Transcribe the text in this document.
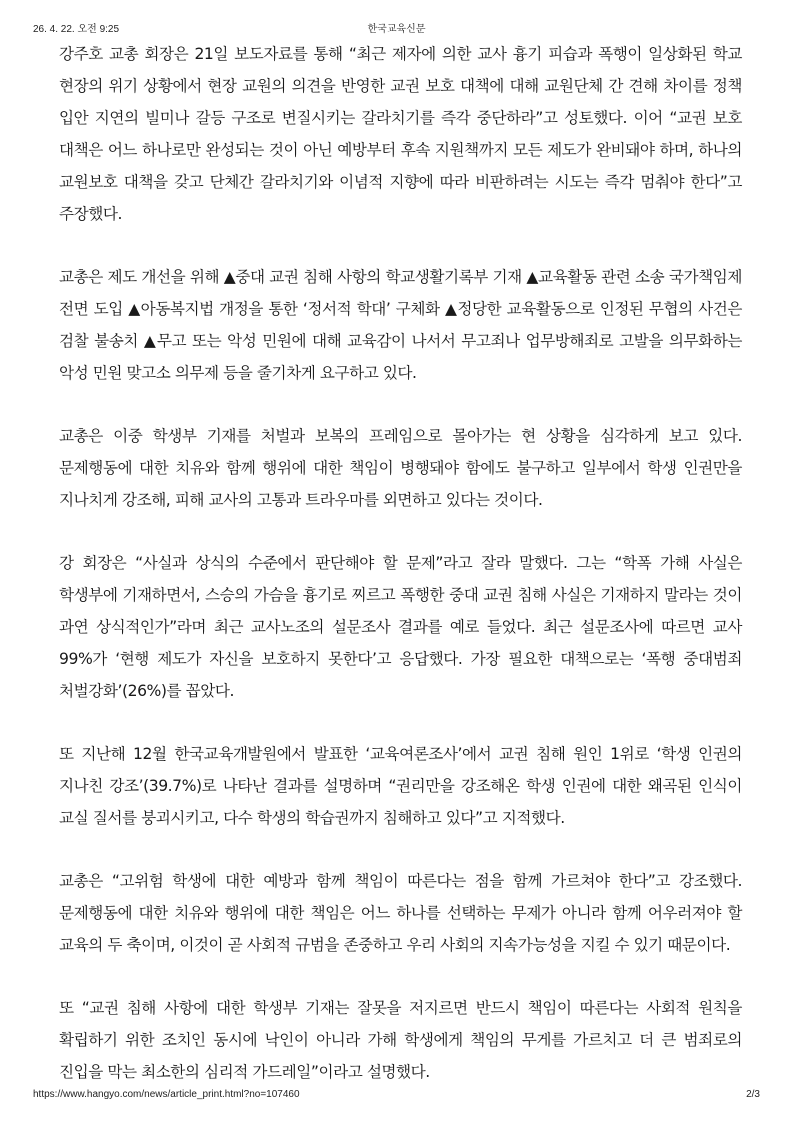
26. 4. 22. 오전 9:25	한국교육신문

강주호 교총 회장은 21일 보도자료를 통해 “최근 제자에 의한 교사 흉기 피습과 폭행이 일상화된 학교 현장의 위기 상황에서 현장 교원의 의견을 반영한 교권 보호 대책에 대해 교원단체 간 견해 차이를 정책 입안 지연의 빌미나 갈등 구조로 변질시키는 갈라치기를 즉각 중단하라”고 성토했다. 이어 “교권 보호 대책은 어느 하나로만 완성되는 것이 아닌 예방부터 후속 지원책까지 모든 제도가 완비돼야 하며, 하나의 교원보호 대책을 갖고 단체간 갈라치기와 이념적 지향에 따라 비판하려는 시도는 즉각 멈춰야 한다”고 주장했다.

교총은 제도 개선을 위해 ▲중대 교권 침해 사항의 학교생활기록부 기재 ▲교육활동 관련 소송 국가책임제 전면 도입 ▲아동복지법 개정을 통한 ‘정서적 학대’ 구체화 ▲정당한 교육활동으로 인정된 무협의 사건은 검찰 불송치 ▲무고 또는 악성 민원에 대해 교육감이 나서서 무고죄나 업무방해죄로 고발을 의무화하는 악성 민원 맞고소 의무제 등을 줄기차게 요구하고 있다.

교총은 이중 학생부 기재를 처벌과 보복의 프레임으로 몰아가는 현 상황을 심각하게 보고 있다. 문제행동에 대한 치유와 함께 행위에 대한 책임이 병행돼야 함에도 불구하고 일부에서 학생 인권만을 지나치게 강조해, 피해 교사의 고통과 트라우마를 외면하고 있다는 것이다.

강 회장은 “사실과 상식의 수준에서 판단해야 할 문제”라고 잘라 말했다. 그는 “학폭 가해 사실은 학생부에 기재하면서, 스승의 가슴을 흉기로 찌르고 폭행한 중대 교권 침해 사실은 기재하지 말라는 것이 과연 상식적인가”라며 최근 교사노조의 설문조사 결과를 예로 들었다. 최근 설문조사에 따르면 교사 99%가 ‘현행 제도가 자신을 보호하지 못한다’고 응답했다. 가장 필요한 대책으로는 ‘폭행 중대범죄 처벌강화’(26%)를 꼽았다.

또 지난해 12월 한국교육개발원에서 발표한 ‘교육여론조사’에서 교권 침해 원인 1위로 ‘학생 인권의 지나친 강조’(39.7%)로 나타난 결과를 설명하며 “권리만을 강조해온 학생 인권에 대한 왜곡된 인식이 교실 질서를 붕괴시키고, 다수 학생의 학습권까지 침해하고 있다”고 지적했다.

교총은 “고위험 학생에 대한 예방과 함께 책임이 따른다는 점을 함께 가르쳐야 한다”고 강조했다. 문제행동에 대한 치유와 행위에 대한 책임은 어느 하나를 선택하는 무제가 아니라 함께 어우러져야 할 교육의 두 축이며, 이것이 곧 사회적 규범을 존중하고 우리 사회의 지속가능성을 지킬 수 있기 때문이다.

또 “교권 침해 사항에 대한 학생부 기재는 잘못을 저지르면 반드시 책임이 따른다는 사회적 원칙을 확립하기 위한 조치인 동시에 낙인이 아니라 가해 학생에게 책임의 무게를 가르치고 더 큰 범죄로의 진입을 막는 최소한의 심리적 가드레일”이라고 설명했다.

https://www.hangyo.com/news/article_print.html?no=107460	2/3
